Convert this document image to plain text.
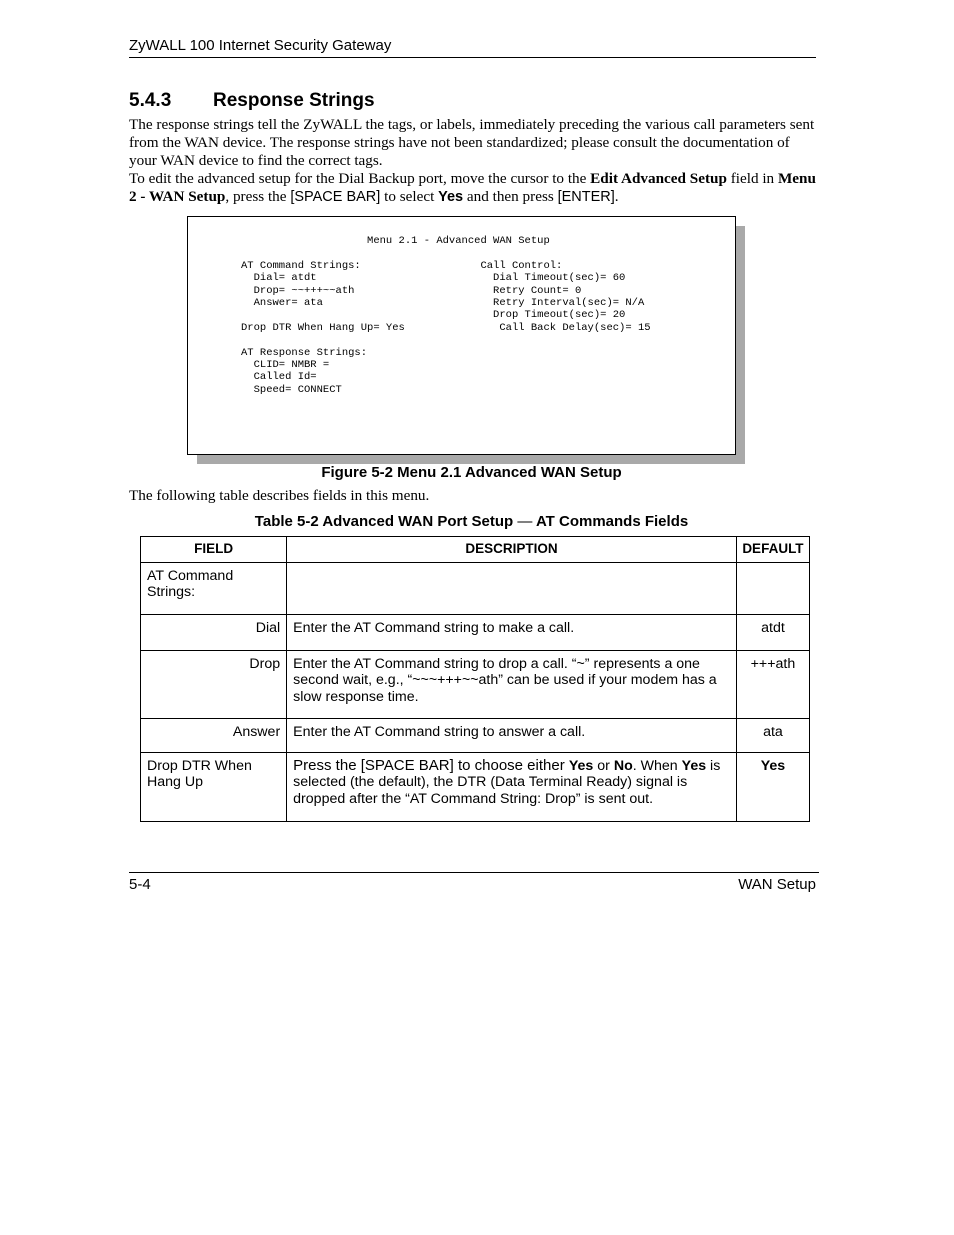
ZyWALL 100 Internet Security Gateway
5.4.3 Response Strings

The response strings tell the ZyWALL the tags, or labels, immediately preceding the various call parameters sent from the WAN device. The response strings have not been standardized; please consult the documentation of your WAN device to find the correct tags.

To edit the advanced setup for the Dial Backup port, move the cursor to the Edit Advanced Setup field in Menu 2 - WAN Setup, press the [SPACE BAR] to select Yes and then press [ENTER].

Menu 2.1 - Advanced WAN Setup

AT Command Strings:                   Call Control:
Dial= atdt                            Dial Timeout(sec)= 60
Drop= ~~+++~~ath                      Retry Count= 0
Answer= ata                           Retry Interval(sec)= N/A
Drop Timeout(sec)= 20
Drop DTR When Hang Up= Yes               Call Back Delay(sec)= 15

AT Response Strings:
CLID= NMBR =
Called Id=
Speed= CONNECT
Figure 5-2 Menu 2.1 Advanced WAN Setup

The following table describes fields in this menu.

Table 5-2 Advanced WAN Port Setup — AT Commands Fields
FIELD	DESCRIPTION	DEFAULT
AT Command Strings:		
Dial	Enter the AT Command string to make a call.	atdt
Drop	Enter the AT Command string to drop a call. “~” represents a one second wait, e.g., “~~~+++~~ath” can be used if your modem has a slow response time.	+++ath
Answer	Enter the AT Command string to answer a call.	ata
Drop DTR When Hang Up	Press the [SPACE BAR] to choose either Yes or No. When Yes is selected (the default), the DTR (Data Terminal Ready) signal is dropped after the “AT Command String: Drop” is sent out.	Yes
5-4	WAN Setup
